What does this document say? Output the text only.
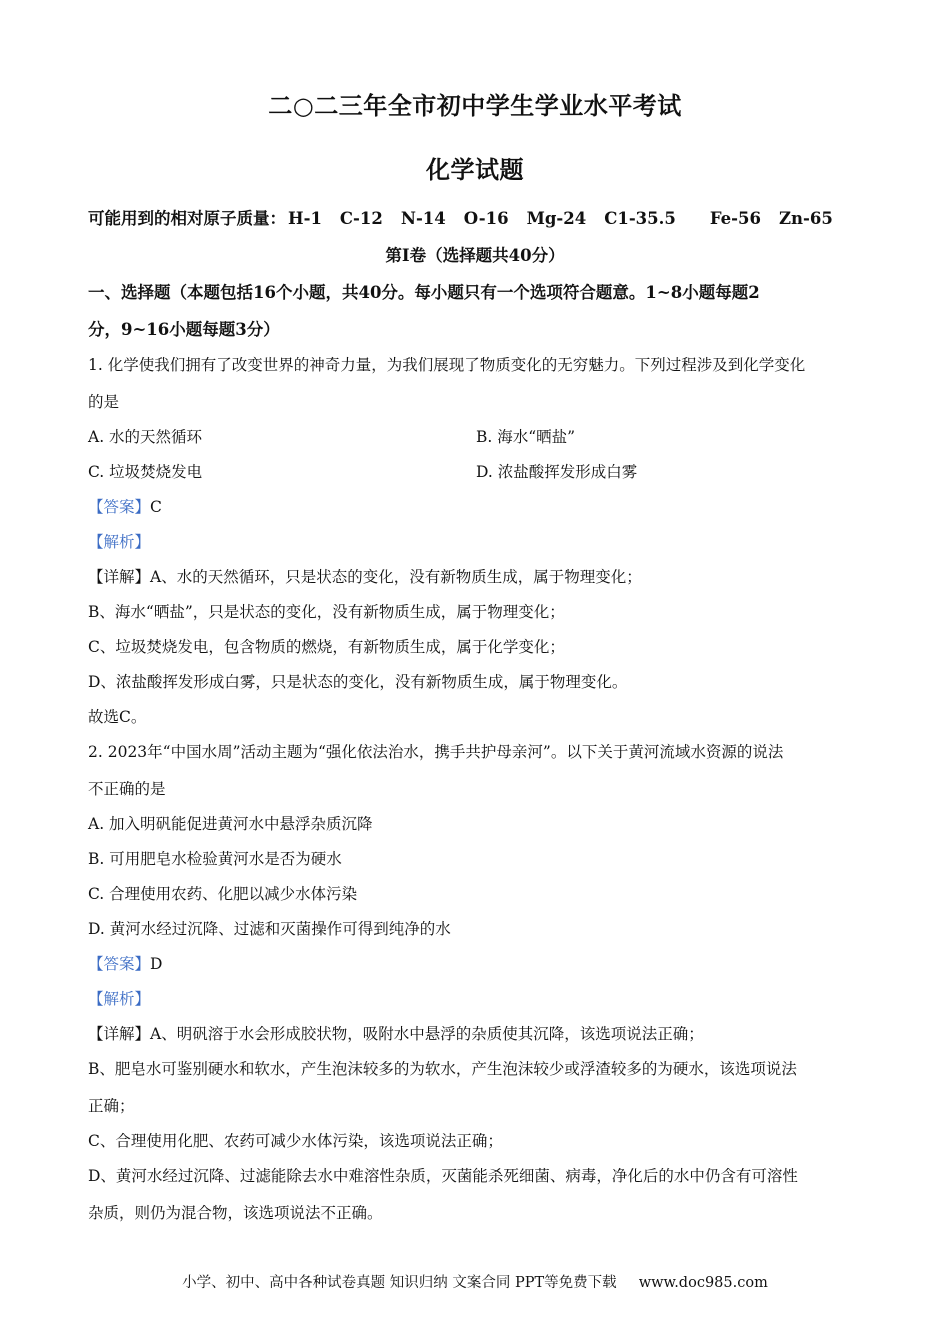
二○二三年全市初中学生学业水平考试
化学试题
可能用到的相对原子质量： H-1 C-12 N-14 O-16 Mg-24 C1-35.5 Fe-56 Zn-65
第I卷（选择题共40分）
一、选择题（本题包括16个小题，共40分。每小题只有一个选项符合题意。1~8小题每题2
分，9~16小题每题3分）
1. 化学使我们拥有了改变世界的神奇力量，为我们展现了物质变化的无穷魅力。下列过程涉及到化学变化
的是
A. 水的天然循环	B. 海水“晒盐”
C. 垃圾焚烧发电	D. 浓盐酸挥发形成白雾
【答案】C
【解析】
【详解】A、水的天然循环，只是状态的变化，没有新物质生成，属于物理变化；
B、海水“晒盐”，只是状态的变化，没有新物质生成，属于物理变化；
C、垃圾焚烧发电，包含物质的燃烧，有新物质生成，属于化学变化；
D、浓盐酸挥发形成白雾，只是状态的变化，没有新物质生成，属于物理变化。
故选C。
2. 2023年“中国水周”活动主题为“强化依法治水，携手共护母亲河”。以下关于黄河流域水资源的说法
不正确的是
A. 加入明矾能促进黄河水中悬浮杂质沉降
B. 可用肥皂水检验黄河水是否为硬水
C. 合理使用农药、化肥以减少水体污染
D. 黄河水经过沉降、过滤和灭菌操作可得到纯净的水
【答案】D
【解析】
【详解】A、明矾溶于水会形成胶状物，吸附水中悬浮的杂质使其沉降，该选项说法正确；
B、肥皂水可鉴别硬水和软水，产生泡沫较多的为软水，产生泡沫较少或浮渣较多的为硬水，该选项说法
正确；
C、合理使用化肥、农药可减少水体污染，该选项说法正确；
D、黄河水经过沉降、过滤能除去水中难溶性杂质，灭菌能杀死细菌、病毒，净化后的水中仍含有可溶性
杂质，则仍为混合物，该选项说法不正确。
小学、初中、高中各种试卷真题 知识归纳 文案合同 PPT等免费下载 www.doc985.com
